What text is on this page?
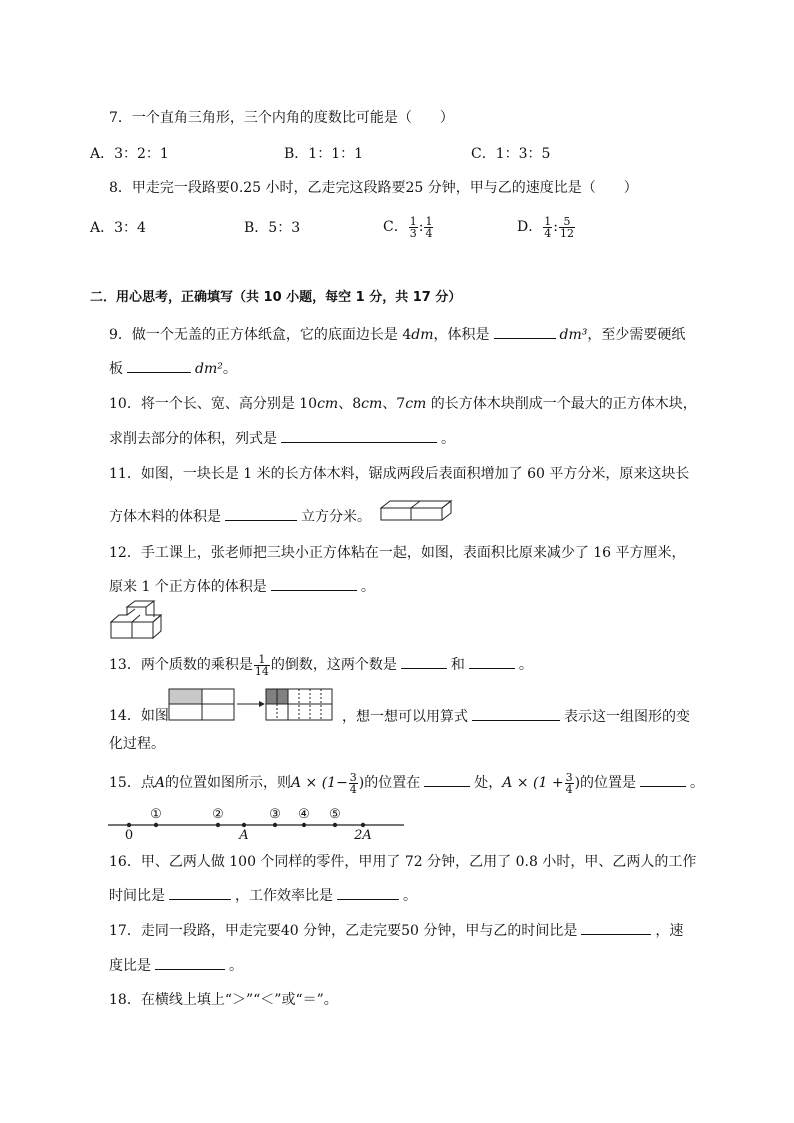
7．一个直角三角形，三个内角的度数比可能是（　　）
A．3：2：1	B．1：1：1	C．1：3：5
8．甲走完一段路要0.25 小时，乙走完这段路要25 分钟，甲与乙的速度比是（　　）
A．3：4	B．5：3	C． $\frac{1}{3}$ : $\frac{1}{4}$	D． $\frac{1}{4}$ : $\frac{5}{12}$
二．用心思考，正确填写（共 10 小题，每空 1 分，共 17 分）
9．做一个无盖的正方体纸盒，它的底面边长是 4dm，体积是	dm³，至少需要硬纸
板	dm²。
10．将一个长、宽、高分别是 10cm、8cm、7cm 的长方体木块削成一个最大的正方体木块，
求削去部分的体积，列式是	。
11．如图，一块长是 1 米的长方体木料，锯成两段后表面积增加了 60 平方分米，原来这块长
方体木料的体积是	立方分米。
12．手工课上，张老师把三块小正方体粘在一起，如图，表面积比原来减少了 16 平方厘米，
原来 1 个正方体的体积是	。
13．两个质数的乘积是 $\frac{1}{14}$ 的倒数，这两个数是	和	。
14．如图	，想一想可以用算式	表示这一组图形的变
化过程。
15．点A的位置如图所示，则$A \times (1- \frac{3}{4}$ )的位置在	处，$A \times (1 + \frac{3}{4}$ )的位置是	。
0
①	②
A
③ ④ ⑤
2A
16．甲、乙两人做 100 个同样的零件，甲用了 72 分钟，乙用了 0.8 小时，甲、乙两人的工作
时间比是	，工作效率比是	。
17．走同一段路，甲走完要40 分钟，乙走完要50 分钟，甲与乙的时间比是	，速
度比是	。
18．在横线上填上“＞”“＜”或“＝”。
